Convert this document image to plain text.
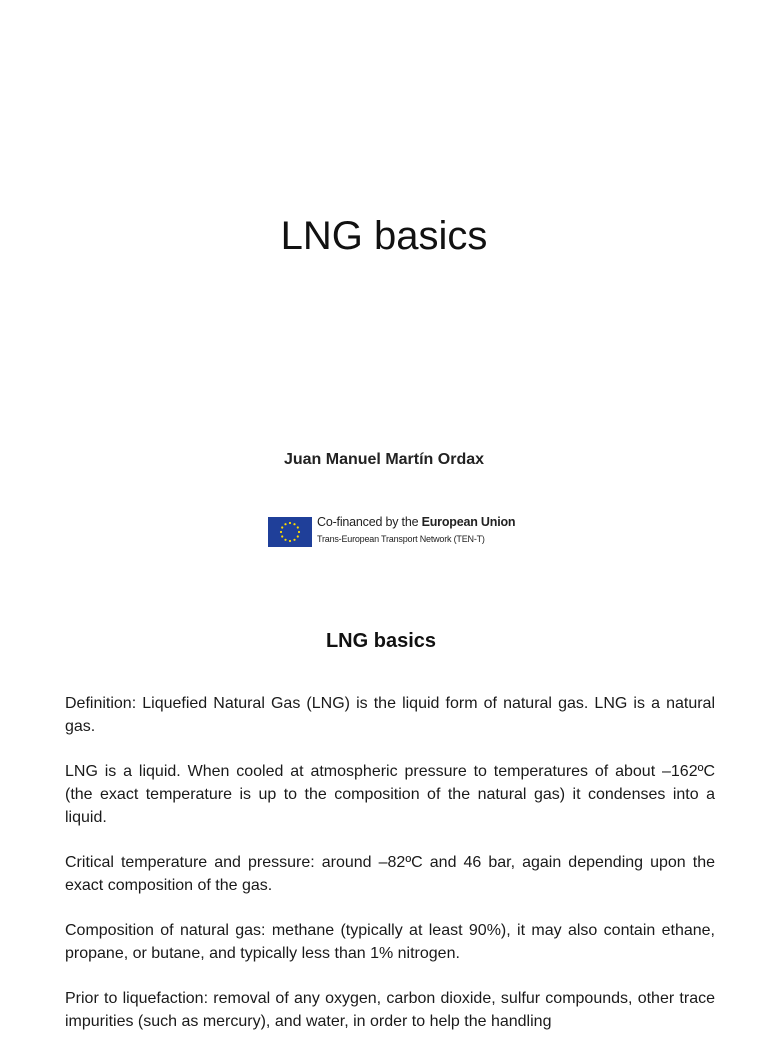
LNG basics
Juan Manuel Martín Ordax
Co-financed by the European Union
Trans-European Transport Network (TEN-T)
LNG basics

Definition: Liquefied Natural Gas (LNG) is the liquid form of natural gas. LNG is a natural gas.

LNG is a liquid. When cooled at atmospheric pressure to temperatures of about –162ºC (the exact temperature is up to the composition of the natural gas) it condenses into a liquid.

Critical temperature and pressure: around –82ºC and 46 bar, again depending upon the exact composition of the gas.

Composition of natural gas: methane (typically at least 90%), it may also contain ethane, propane, or butane, and typically less than 1% nitrogen.

Prior to liquefaction: removal of any oxygen, carbon dioxide, sulfur compounds, other trace impurities (such as mercury), and water, in order to help the handling
